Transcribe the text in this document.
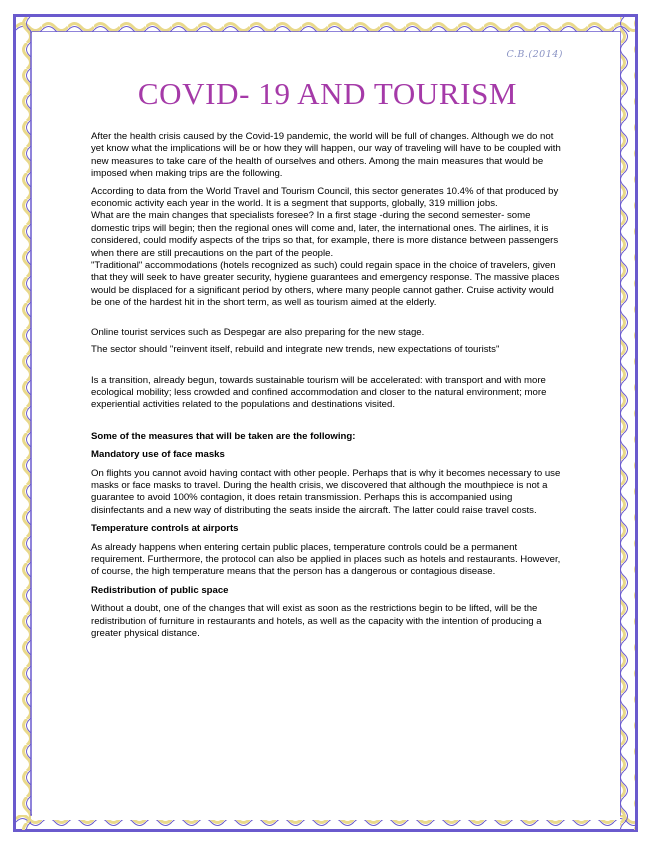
C.B.(2014)
COVID- 19 AND TOURISM

After the health crisis caused by the Covid-19 pandemic, the world will be full of changes. Although we do not yet know what the implications will be or how they will happen, our way of traveling will have to be coupled with new measures to take care of the health of ourselves and others. Among the main measures that would be imposed when making trips are the following.

According to data from the World Travel and Tourism Council, this sector generates 10.4% of that produced by economic activity each year in the world. It is a segment that supports, globally, 319 million jobs.

What are the main changes that specialists foresee? In a first stage -during the second semester- some domestic trips will begin; then the regional ones will come and, later, the international ones. The airlines, it is considered, could modify aspects of the trips so that, for example, there is more distance between passengers when there are still precautions on the part of the people.

"Traditional" accommodations (hotels recognized as such) could regain space in the choice of travelers, given that they will seek to have greater security, hygiene guarantees and emergency response. The massive places would be displaced for a significant period by others, where many people cannot gather. Cruise activity would be one of the hardest hit in the short term, as well as tourism aimed at the elderly.

Online tourist services such as Despegar are also preparing for the new stage.

The sector should "reinvent itself, rebuild and integrate new trends, new expectations of tourists"

Is a transition, already begun, towards sustainable tourism will be accelerated: with transport and with more ecological mobility; less crowded and confined accommodation and closer to the natural environment; more experiential activities related to the populations and destinations visited.

Some of the measures that will be taken are the following:
Mandatory use of face masks

On flights you cannot avoid having contact with other people. Perhaps that is why it becomes necessary to use masks or face masks to travel. During the health crisis, we discovered that although the mouthpiece is not a guarantee to avoid 100% contagion, it does retain transmission. Perhaps this is accompanied using disinfectants and a new way of distributing the seats inside the aircraft. The latter could raise travel costs.

Temperature controls at airports

As already happens when entering certain public places, temperature controls could be a permanent requirement. Furthermore, the protocol can also be applied in places such as hotels and restaurants. However, of course, the high temperature means that the person has a dangerous or contagious disease.

Redistribution of public space

Without a doubt, one of the changes that will exist as soon as the restrictions begin to be lifted, will be the redistribution of furniture in restaurants and hotels, as well as the capacity with the intention of producing a greater physical distance.
